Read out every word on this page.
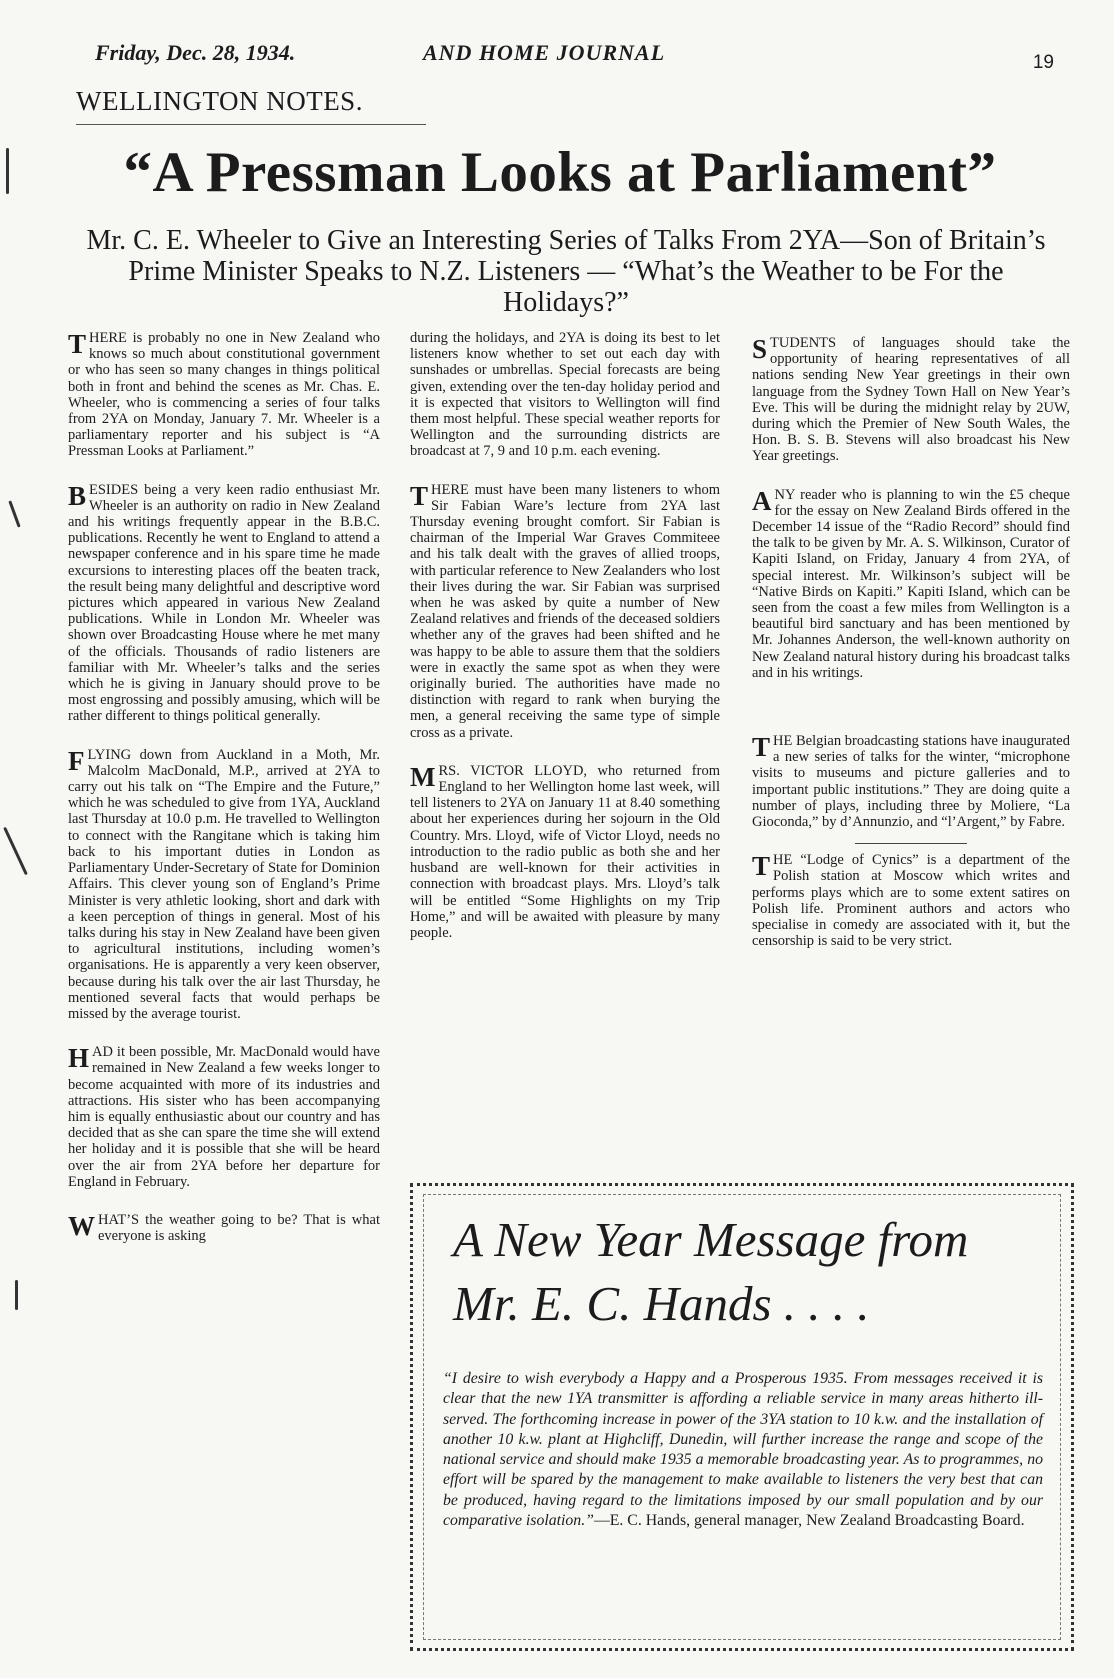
Friday, Dec. 28, 1934.	AND HOME JOURNAL	19
WELLINGTON NOTES.
“A Pressman Looks at Parliament”
Mr. C. E. Wheeler to Give an Interesting Series of Talks From 2YA—Son of Britain’s Prime Minister Speaks to N.Z. Listeners — “What’s the Weather to be For the Holidays?”

THERE is probably no one in New Zealand who knows so much about constitutional government or who has seen so many changes in things political both in front and behind the scenes as Mr. Chas. E. Wheeler, who is commencing a series of four talks from 2YA on Monday, January 7. Mr. Wheeler is a parliamentary reporter and his subject is “A Pressman Looks at Parliament.”

BESIDES being a very keen radio enthusiast Mr. Wheeler is an authority on radio in New Zealand and his writings frequently appear in the B.B.C. publications. Recently he went to England to attend a newspaper conference and in his spare time he made excursions to interesting places off the beaten track, the result being many delightful and descriptive word pictures which appeared in various New Zealand publications. While in London Mr. Wheeler was shown over Broadcasting House where he met many of the officials. Thousands of radio listeners are familiar with Mr. Wheeler’s talks and the series which he is giving in January should prove to be most engrossing and possibly amusing, which will be rather different to things political generally.

FLYING down from Auckland in a Moth, Mr. Malcolm MacDonald, M.P., arrived at 2YA to carry out his talk on “The Empire and the Future,” which he was scheduled to give from 1YA, Auckland last Thursday at 10.0 p.m. He travelled to Wellington to connect with the Rangitane which is taking him back to his important duties in London as Parliamentary Under-Secretary of State for Dominion Affairs. This clever young son of England’s Prime Minister is very athletic looking, short and dark with a keen perception of things in general. Most of his talks during his stay in New Zealand have been given to agricultural institutions, including women’s organisations. He is apparently a very keen observer, because during his talk over the air last Thursday, he mentioned several facts that would perhaps be missed by the average tourist.

HAD it been possible, Mr. MacDonald would have remained in New Zealand a few weeks longer to become acquainted with more of its industries and attractions. His sister who has been accompanying him is equally enthusiastic about our country and has decided that as she can spare the time she will extend her holiday and it is possible that she will be heard over the air from 2YA before her departure for England in February.

WHAT’S the weather going to be? That is what everyone is asking

during the holidays, and 2YA is doing its best to let listeners know whether to set out each day with sunshades or umbrellas. Special forecasts are being given, extending over the ten-day holiday period and it is expected that visitors to Wellington will find them most helpful. These special weather reports for Wellington and the surrounding districts are broadcast at 7, 9 and 10 p.m. each evening.

THERE must have been many listeners to whom Sir Fabian Ware’s lecture from 2YA last Thursday evening brought comfort. Sir Fabian is chairman of the Imperial War Graves Commiteee and his talk dealt with the graves of allied troops, with particular reference to New Zealanders who lost their lives during the war. Sir Fabian was surprised when he was asked by quite a number of New Zealand relatives and friends of the deceased soldiers whether any of the graves had been shifted and he was happy to be able to assure them that the soldiers were in exactly the same spot as when they were originally buried. The authorities have made no distinction with regard to rank when burying the men, a general receiving the same type of simple cross as a private.

MRS. VICTOR LLOYD, who returned from England to her Wellington home last week, will tell listeners to 2YA on January 11 at 8.40 something about her experiences during her sojourn in the Old Country. Mrs. Lloyd, wife of Victor Lloyd, needs no introduction to the radio public as both she and her husband are well-known for their activities in connection with broadcast plays. Mrs. Lloyd’s talk will be entitled “Some Highlights on my Trip Home,” and will be awaited with pleasure by many people.

STUDENTS of languages should take the opportunity of hearing representatives of all nations sending New Year greetings in their own language from the Sydney Town Hall on New Year’s Eve. This will be during the midnight relay by 2UW, during which the Premier of New South Wales, the Hon. B. S. B. Stevens will also broadcast his New Year greetings.

ANY reader who is planning to win the £5 cheque for the essay on New Zealand Birds offered in the December 14 issue of the “Radio Record” should find the talk to be given by Mr. A. S. Wilkinson, Curator of Kapiti Island, on Friday, January 4 from 2YA, of special interest. Mr. Wilkinson’s subject will be “Native Birds on Kapiti.” Kapiti Island, which can be seen from the coast a few miles from Wellington is a beautiful bird sanctuary and has been mentioned by Mr. Johannes Anderson, the well-known authority on New Zealand natural history during his broadcast talks and in his writings.

THE Belgian broadcasting stations have inaugurated a new series of talks for the winter, “microphone visits to museums and picture galleries and to important public institutions.” They are doing quite a number of plays, including three by Moliere, “La Gioconda,” by d’Annunzio, and “l’Argent,” by Fabre.

THE “Lodge of Cynics” is a department of the Polish station at Moscow which writes and performs plays which are to some extent satires on Polish life. Prominent authors and actors who specialise in comedy are associated with it, but the censorship is said to be very strict.

A New Year Message from
Mr. E. C. Hands . . . .
“I desire to wish everybody a Happy and a Prosperous 1935. From messages received it is clear that the new 1YA transmitter is affording a reliable service in many areas hitherto ill-served. The forthcoming increase in power of the 3YA station to 10 k.w. and the installation of another 10 k.w. plant at Highcliff, Dunedin, will further increase the range and scope of the national service and should make 1935 a memorable broadcasting year. As to programmes, no effort will be spared by the management to make available to listeners the very best that can be produced, having regard to the limitations imposed by our small population and by our comparative isolation.”—E. C. Hands, general manager, New Zealand Broadcasting Board.
